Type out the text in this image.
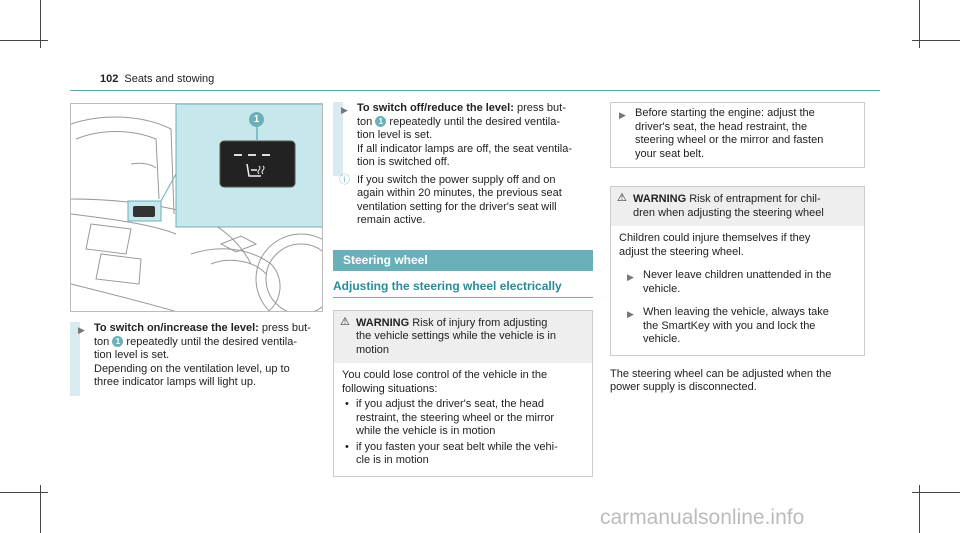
102 Seats and stowing
1
▶ To switch on/increase the level: press but-
ton 1 repeatedly until the desired ventila-
tion level is set.
Depending on the ventilation level, up to
three indicator lamps will light up.
▶ To switch off/reduce the level: press but-
ton 1 repeatedly until the desired ventila-
tion level is set.
If all indicator lamps are off, the seat ventila-
tion is switched off.
ⓘ If you switch the power supply off and on
again within 20 minutes, the previous seat
ventilation setting for the driver's seat will
remain active.
Steering wheel
Adjusting the steering wheel electrically
⚠ WARNING Risk of injury from adjusting
the vehicle settings while the vehicle is in
motion
You could lose control of the vehicle in the
following situations:
• if you adjust the driver's seat, the head
restraint, the steering wheel or the mirror
while the vehicle is in motion
• if you fasten your seat belt while the vehi-
cle is in motion
▶ Before starting the engine: adjust the
driver's seat, the head restraint, the
steering wheel or the mirror and fasten
your seat belt.
⚠ WARNING Risk of entrapment for chil-
dren when adjusting the steering wheel
Children could injure themselves if they
adjust the steering wheel.
▶ Never leave children unattended in the
vehicle.
▶ When leaving the vehicle, always take
the SmartKey with you and lock the
vehicle.
The steering wheel can be adjusted when the
power supply is disconnected.
carmanualsonline.info
